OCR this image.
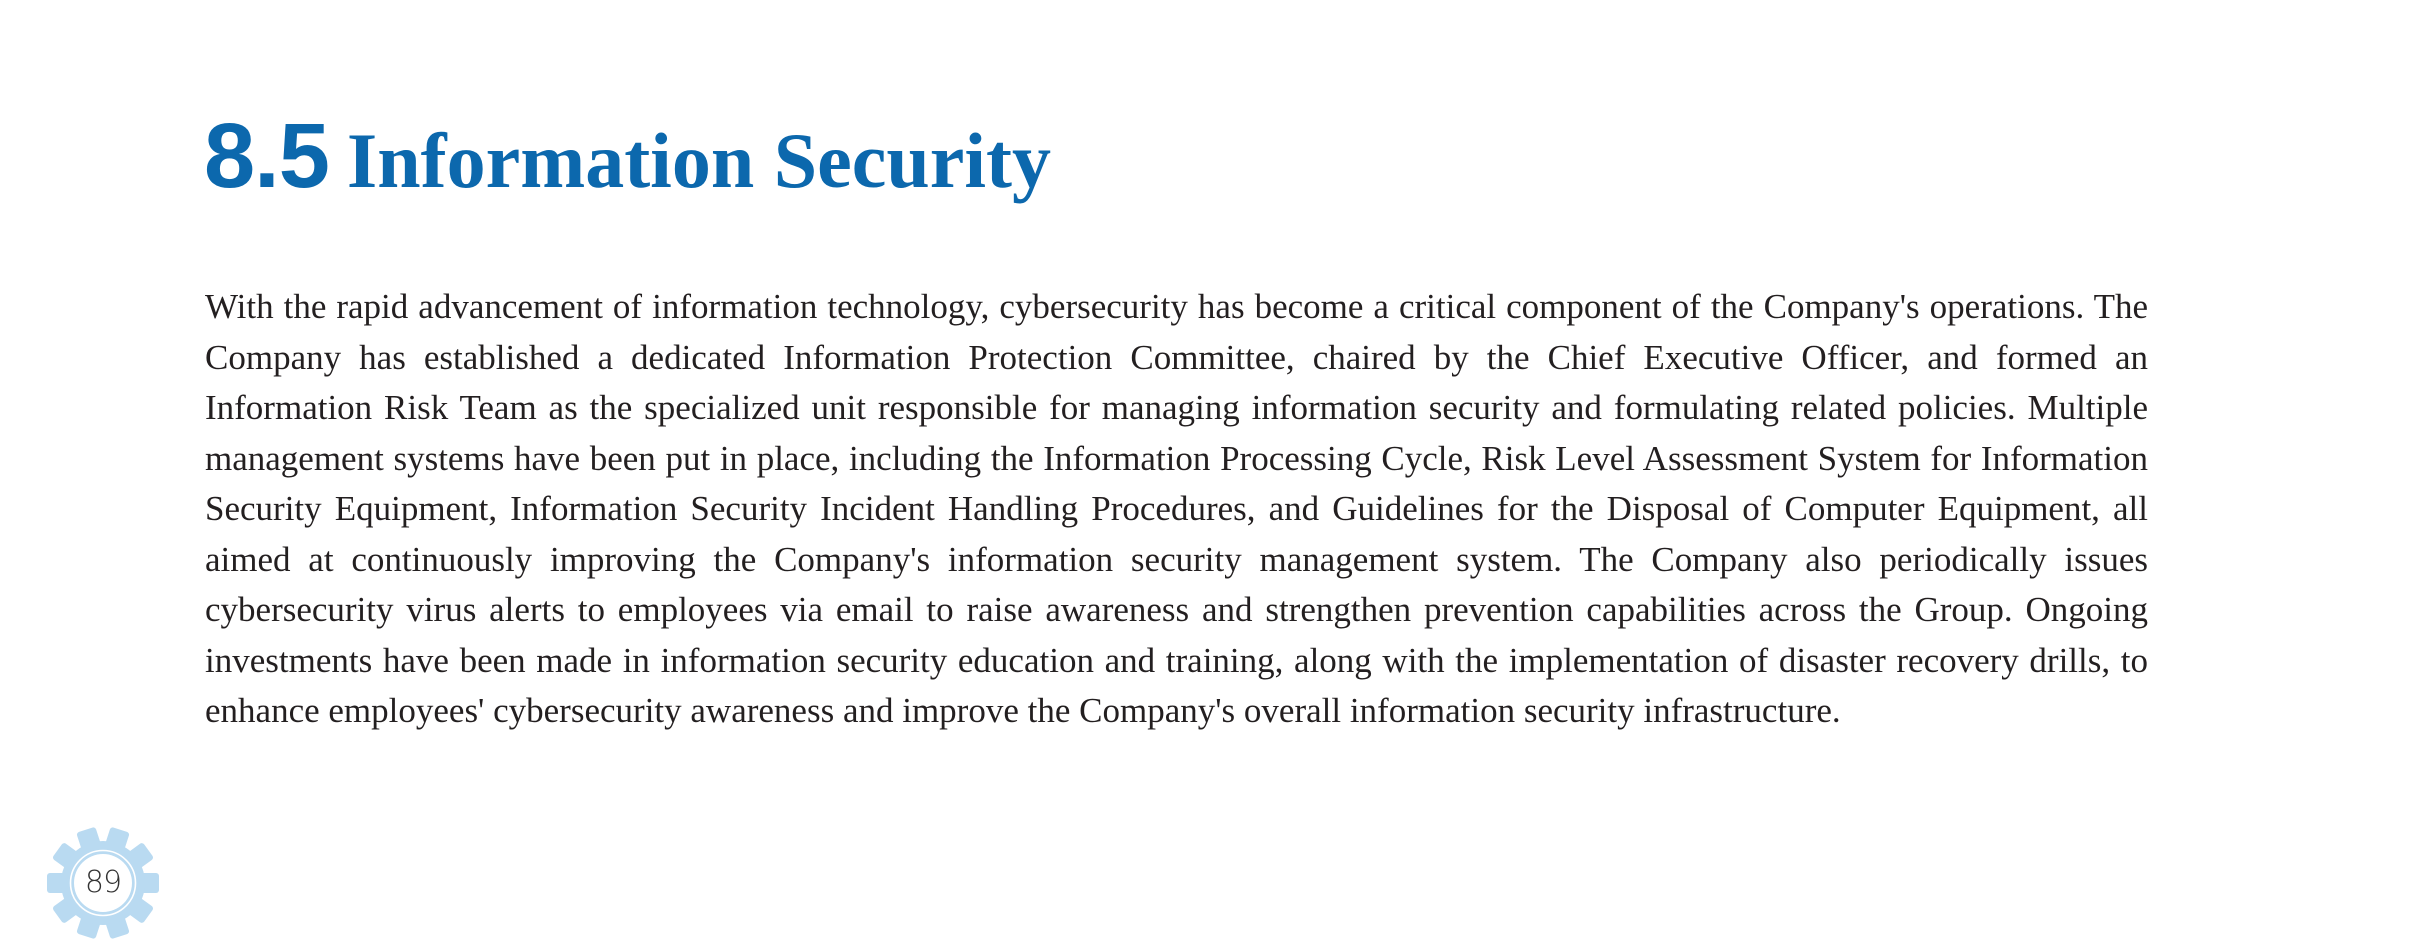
8.5 Information Security

With the rapid advancement of information technology, cybersecurity has become a critical component of the Company's operations. The Company has established a dedicated Information Protection Committee, chaired by the Chief Executive Officer, and formed an Information Risk Team as the specialized unit responsible for managing information security and formulating related policies. Multiple management systems have been put in place, including the Information Processing Cycle, Risk Level Assessment System for Information Security Equipment, Information Security Incident Handling Procedures, and Guidelines for the Disposal of Computer Equipment, all aimed at continuously improving the Company's information security management system. The Company also periodically issues cybersecurity virus alerts to employees via email to raise awareness and strengthen prevention capabilities across the Group. Ongoing investments have been made in information security education and training, along with the implementation of disaster recovery drills, to enhance employees' cybersecurity awareness and improve the Company's overall information security infrastructure.

89
